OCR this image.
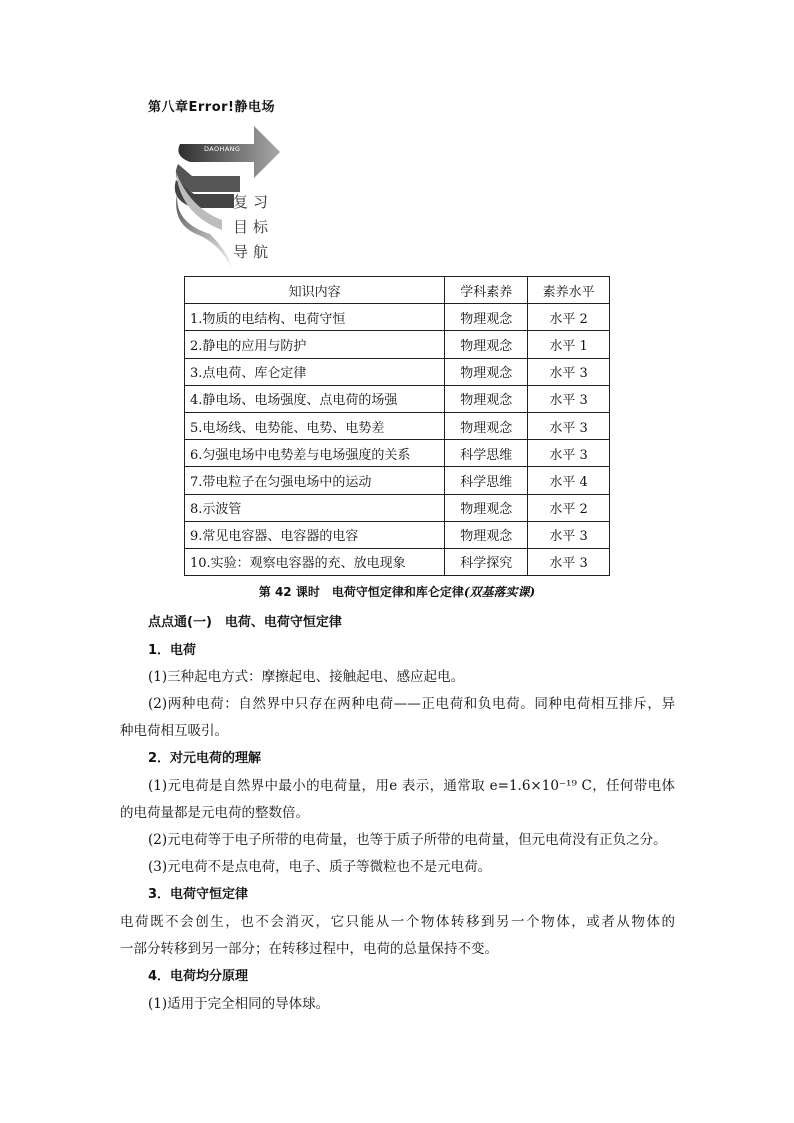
第八章Error!静电场
FUXIMUBIAO
DAOHANG
复习
目标
导航
知识内容	学科素养	素养水平
1.物质的电结构、电荷守恒	物理观念	水平 2
2.静电的应用与防护	物理观念	水平 1
3.点电荷、库仑定律	物理观念	水平 3
4.静电场、电场强度、点电荷的场强	物理观念	水平 3
5.电场线、电势能、电势、电势差	物理观念	水平 3
6.匀强电场中电势差与电场强度的关系	科学思维	水平 3
7.带电粒子在匀强电场中的运动	科学思维	水平 4
8.示波管	物理观念	水平 2
9.常见电容器、电容器的电容	物理观念	水平 3
10.实验：观察电容器的充、放电现象	科学探究	水平 3
第 42 课时　电荷守恒定律和库仑定律(双基落实课)
点点通(一)　电荷、电荷守恒定律
1．电荷
(1)三种起电方式：摩擦起电、接触起电、感应起电。
(2)两种电荷：自然界中只存在两种电荷——正电荷和负电荷。同种电荷相互排斥，异
种电荷相互吸引。
2．对元电荷的理解
(1)元电荷是自然界中最小的电荷量，用e 表示，通常取 e=1.6×10⁻¹⁹ C，任何带电体
的电荷量都是元电荷的整数倍。
(2)元电荷等于电子所带的电荷量，也等于质子所带的电荷量，但元电荷没有正负之分。
(3)元电荷不是点电荷，电子、质子等微粒也不是元电荷。
3．电荷守恒定律
电荷既不会创生，也不会消灭，它只能从一个物体转移到另一个物体，或者从物体的
一部分转移到另一部分；在转移过程中，电荷的总量保持不变。
4．电荷均分原理
(1)适用于完全相同的导体球。
